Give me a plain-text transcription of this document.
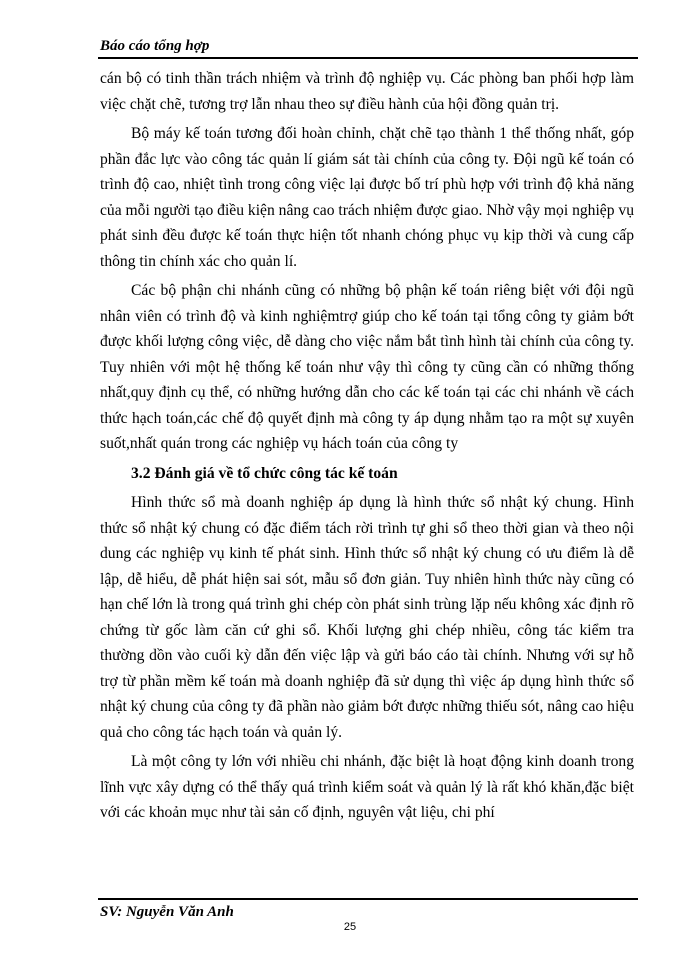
Báo cáo tổng hợp

cán bộ có tinh thần trách nhiệm và trình độ nghiệp vụ. Các phòng ban phối hợp làm việc chặt chẽ, tương trợ lẫn nhau theo sự điều hành của hội đồng quản trị.

Bộ máy kế toán tương đối hoàn chỉnh, chặt chẽ tạo thành 1 thể thống nhất, góp phần đắc lực vào công tác quản lí giám sát tài chính của công ty. Đội ngũ kế toán có trình độ cao, nhiệt tình trong công việc lại được bố trí phù hợp với trình độ khả năng của mỗi người tạo điều kiện nâng cao trách nhiệm được giao. Nhờ vậy mọi nghiệp vụ phát sinh đều được kế toán thực hiện tốt nhanh chóng phục vụ kịp thời và cung cấp thông tin chính xác cho quản lí.

Các bộ phận chi nhánh cũng có những bộ phận kế toán riêng biệt với đội ngũ nhân viên có trình độ và kinh nghiệmtrợ giúp cho kế toán tại tổng công ty giảm bớt được khối lượng công việc, dễ dàng cho việc nắm bắt tình hình tài chính của công ty. Tuy nhiên với một hệ thống kế toán như vậy thì công ty cũng cần có những thống nhất,quy định cụ thể, có những hướng dẫn cho các kế toán tại các chi nhánh về cách thức hạch toán,các chế độ quyết định mà công ty áp dụng nhằm tạo ra một sự xuyên suốt,nhất quán trong các nghiệp vụ hách toán của công ty

3.2 Đánh giá về tổ chức công tác kế toán

Hình thức sổ mà doanh nghiệp áp dụng là hình thức sổ nhật ký chung. Hình thức sổ nhật ký chung có đặc điểm tách rời trình tự ghi sổ theo thời gian và theo nội dung các nghiệp vụ kinh tế phát sinh. Hình thức sổ nhật ký chung có ưu điểm là dễ lập, dễ hiểu, dễ phát hiện sai sót, mẫu sổ đơn giản. Tuy nhiên hình thức này cũng có hạn chế lớn là trong quá trình ghi chép còn phát sinh trùng lặp nếu không xác định rõ chứng từ gốc làm căn cứ ghi sổ. Khối lượng ghi chép nhiều, công tác kiểm tra thường dồn vào cuối kỳ dẫn đến việc lập và gửi báo cáo tài chính. Nhưng với sự hỗ trợ từ phần mềm kế toán mà doanh nghiệp đã sử dụng thì việc áp dụng hình thức sổ nhật ký chung của công ty đã phần nào giảm bớt được những thiếu sót, nâng cao hiệu quả cho công tác hạch toán và quản lý.

Là một công ty lớn với nhiều chi nhánh, đặc biệt là hoạt động kinh doanh trong lĩnh vực xây dựng có thể thấy quá trình kiểm soát và quản lý là rất khó khăn,đặc biệt với các khoản mục như tài sản cố định, nguyên vật liệu, chi phí

SV: Nguyễn Văn Anh
25
